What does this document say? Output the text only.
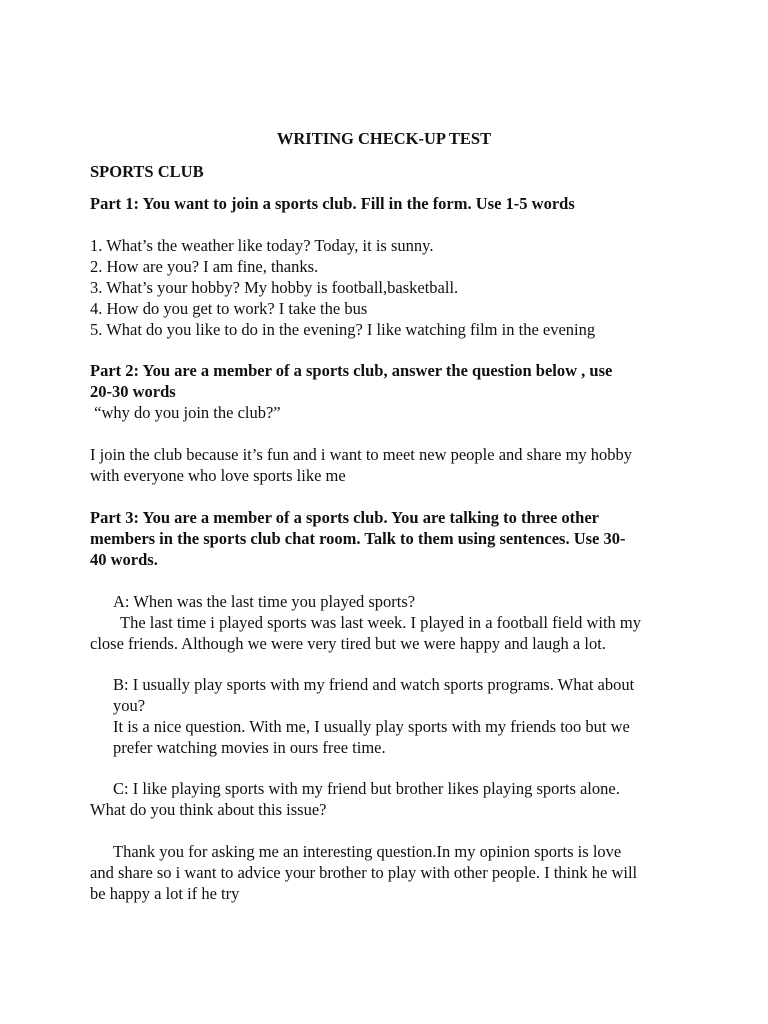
WRITING CHECK-UP TEST
SPORTS CLUB
Part 1: You want to join a sports club. Fill in the form. Use 1-5 words
1. What’s the weather like today? Today, it is sunny.
2. How are you? I am fine, thanks.
3. What’s your hobby? My hobby is football,basketball.
4. How do you get to work? I take the bus
5. What do you like to do in the evening? I like watching film in the evening
Part 2: You are a member of a sports club, answer the question below , use
20-30 words
“why do you join the club?”
I join the club because it’s fun and i want to meet new people and share my hobby
with everyone who love sports like me
Part 3: You are a member of a sports club. You are talking to three other
members in the sports club chat room. Talk to them using sentences. Use 30-
40 words.
A: When was the last time you played sports?
The last time i played sports was last week. I played in a football field with my
close friends. Although we were very tired but we were happy and laugh a lot.
B: I usually play sports with my friend and watch sports programs. What about
you?
It is a nice question. With me, I usually play sports with my friends too but we
prefer watching movies in ours free time.
C: I like playing sports with my friend but brother likes playing sports alone.
What do you think about this issue?
Thank you for asking me an interesting question.In my opinion sports is love
and share so i want to advice your brother to play with other people. I think he will
be happy a lot if he try
